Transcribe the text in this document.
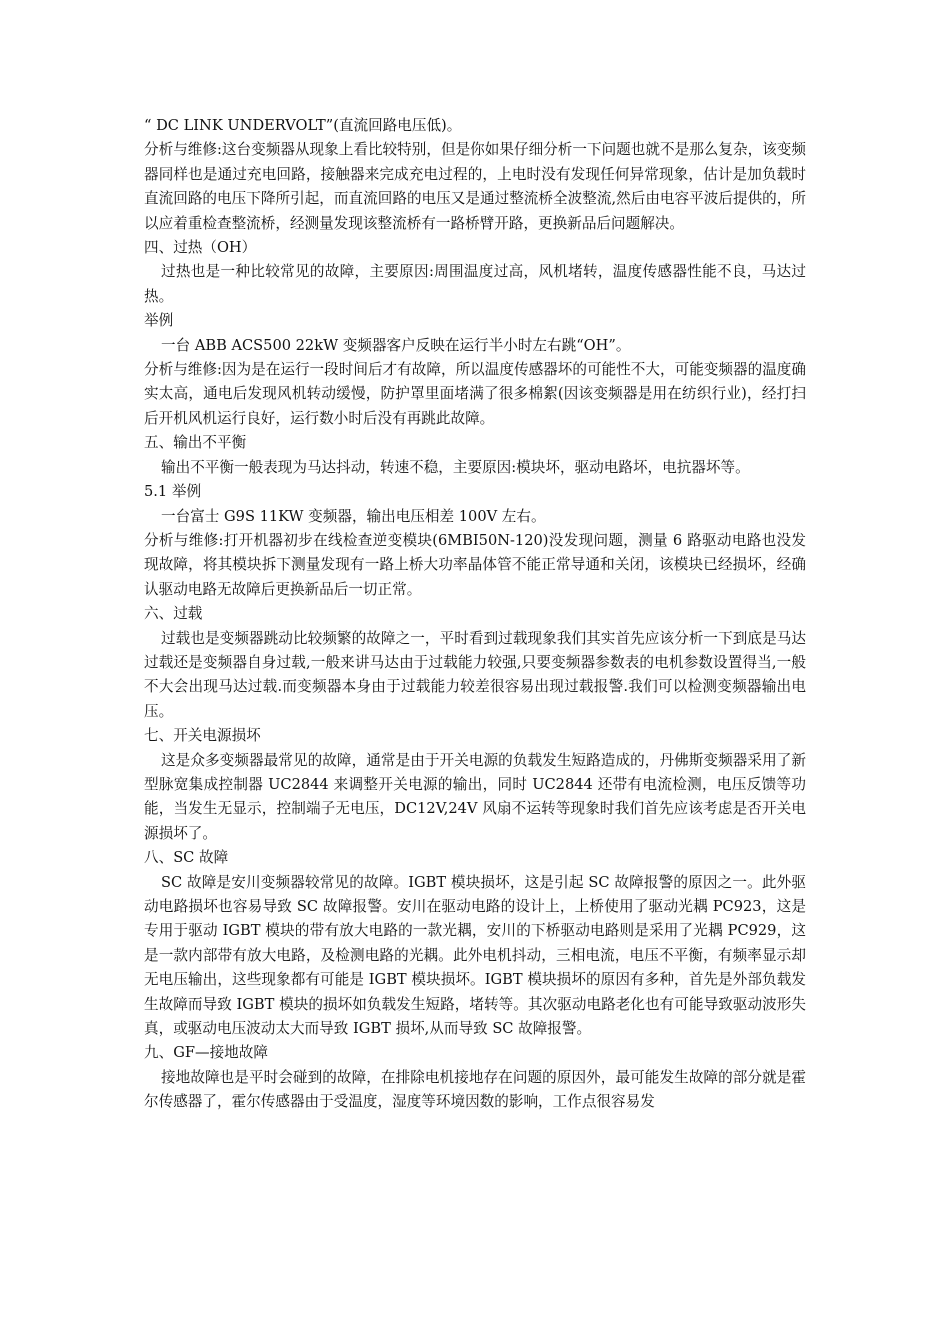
“ DC LINK UNDERVOLT”(直流回路电压低)。

分析与维修:这台变频器从现象上看比较特别，但是你如果仔细分析一下问题也就不是那么复杂，该变频器同样也是通过充电回路，接触器来完成充电过程的，上电时没有发现任何异常现象，估计是加负载时直流回路的电压下降所引起，而直流回路的电压又是通过整流桥全波整流,然后由电容平波后提供的，所以应着重检查整流桥，经测量发现该整流桥有一路桥臂开路，更换新品后问题解决。

四、过热（OH）

过热也是一种比较常见的故障，主要原因:周围温度过高，风机堵转，温度传感器性能不良，马达过热。

举例

一台 ABB ACS500 22kW 变频器客户反映在运行半小时左右跳“OH”。

分析与维修:因为是在运行一段时间后才有故障，所以温度传感器坏的可能性不大，可能变频器的温度确实太高，通电后发现风机转动缓慢，防护罩里面堵满了很多棉絮(因该变频器是用在纺织行业)，经打扫后开机风机运行良好，运行数小时后没有再跳此故障。

五、输出不平衡

输出不平衡一般表现为马达抖动，转速不稳，主要原因:模块坏，驱动电路坏，电抗器坏等。

5.1 举例

一台富士 G9S 11KW 变频器，输出电压相差 100V 左右。

分析与维修:打开机器初步在线检查逆变模块(6MBI50N-120)没发现问题，测量 6 路驱动电路也没发现故障，将其模块拆下测量发现有一路上桥大功率晶体管不能正常导通和关闭，该模块已经损坏，经确认驱动电路无故障后更换新品后一切正常。

六、过载

过载也是变频器跳动比较频繁的故障之一，平时看到过载现象我们其实首先应该分析一下到底是马达过载还是变频器自身过载,一般来讲马达由于过载能力较强,只要变频器参数表的电机参数设置得当,一般不大会出现马达过载.而变频器本身由于过载能力较差很容易出现过载报警.我们可以检测变频器输出电压。

七、开关电源损坏

这是众多变频器最常见的故障，通常是由于开关电源的负载发生短路造成的，丹佛斯变频器采用了新型脉宽集成控制器 UC2844 来调整开关电源的输出，同时 UC2844 还带有电流检测，电压反馈等功能，当发生无显示，控制端子无电压，DC12V,24V 风扇不运转等现象时我们首先应该考虑是否开关电源损坏了。

八、SC 故障

SC 故障是安川变频器较常见的故障。IGBT 模块损坏，这是引起 SC 故障报警的原因之一。此外驱动电路损坏也容易导致 SC 故障报警。安川在驱动电路的设计上，上桥使用了驱动光耦 PC923，这是专用于驱动 IGBT 模块的带有放大电路的一款光耦，安川的下桥驱动电路则是采用了光耦 PC929，这是一款内部带有放大电路，及检测电路的光耦。此外电机抖动，三相电流，电压不平衡，有频率显示却无电压输出，这些现象都有可能是 IGBT 模块损坏。IGBT 模块损坏的原因有多种，首先是外部负载发生故障而导致 IGBT 模块的损坏如负载发生短路，堵转等。其次驱动电路老化也有可能导致驱动波形失真，或驱动电压波动太大而导致 IGBT 损坏,从而导致 SC 故障报警。

九、GF—接地故障

接地故障也是平时会碰到的故障，在排除电机接地存在问题的原因外，最可能发生故障的部分就是霍尔传感器了，霍尔传感器由于受温度，湿度等环境因数的影响，工作点很容易发
